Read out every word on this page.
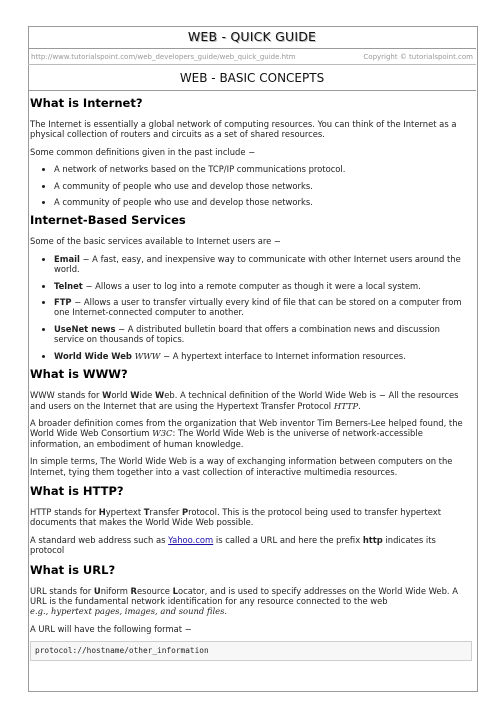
WEB - QUICK GUIDE
http://www.tutorialspoint.com/web_developers_guide/web_quick_guide.htm	Copyright © tutorialspoint.com
WEB - BASIC CONCEPTS
What is Internet?

The Internet is essentially a global network of computing resources. You can think of the Internet as a physical collection of routers and circuits as a set of shared resources.

Some common definitions given in the past include −

• A network of networks based on the TCP/IP communications protocol.
• A community of people who use and develop those networks.
• A community of people who use and develop those networks.
Internet-Based Services

Some of the basic services available to Internet users are −

• Email − A fast, easy, and inexpensive way to communicate with other Internet users around the world.
• Telnet − Allows a user to log into a remote computer as though it were a local system.
• FTP − Allows a user to transfer virtually every kind of file that can be stored on a computer from one Internet-connected computer to another.
• UseNet news − A distributed bulletin board that offers a combination news and discussion service on thousands of topics.
• World Wide Web WWW − A hypertext interface to Internet information resources.
What is WWW?

WWW stands for World Wide Web. A technical definition of the World Wide Web is − All the resources and users on the Internet that are using the Hypertext Transfer Protocol HTTP.

A broader definition comes from the organization that Web inventor Tim Berners-Lee helped found, the World Wide Web Consortium W3C: The World Wide Web is the universe of network-accessible information, an embodiment of human knowledge.

In simple terms, The World Wide Web is a way of exchanging information between computers on the Internet, tying them together into a vast collection of interactive multimedia resources.

What is HTTP?

HTTP stands for Hypertext Transfer Protocol. This is the protocol being used to transfer hypertext documents that makes the World Wide Web possible.

A standard web address such as Yahoo.com is called a URL and here the prefix http indicates its protocol

What is URL?

URL stands for Uniform Resource Locator, and is used to specify addresses on the World Wide Web. A URL is the fundamental network identification for any resource connected to the web
e.g., hypertext pages, images, and sound files.

A URL will have the following format −

protocol://hostname/other_information
